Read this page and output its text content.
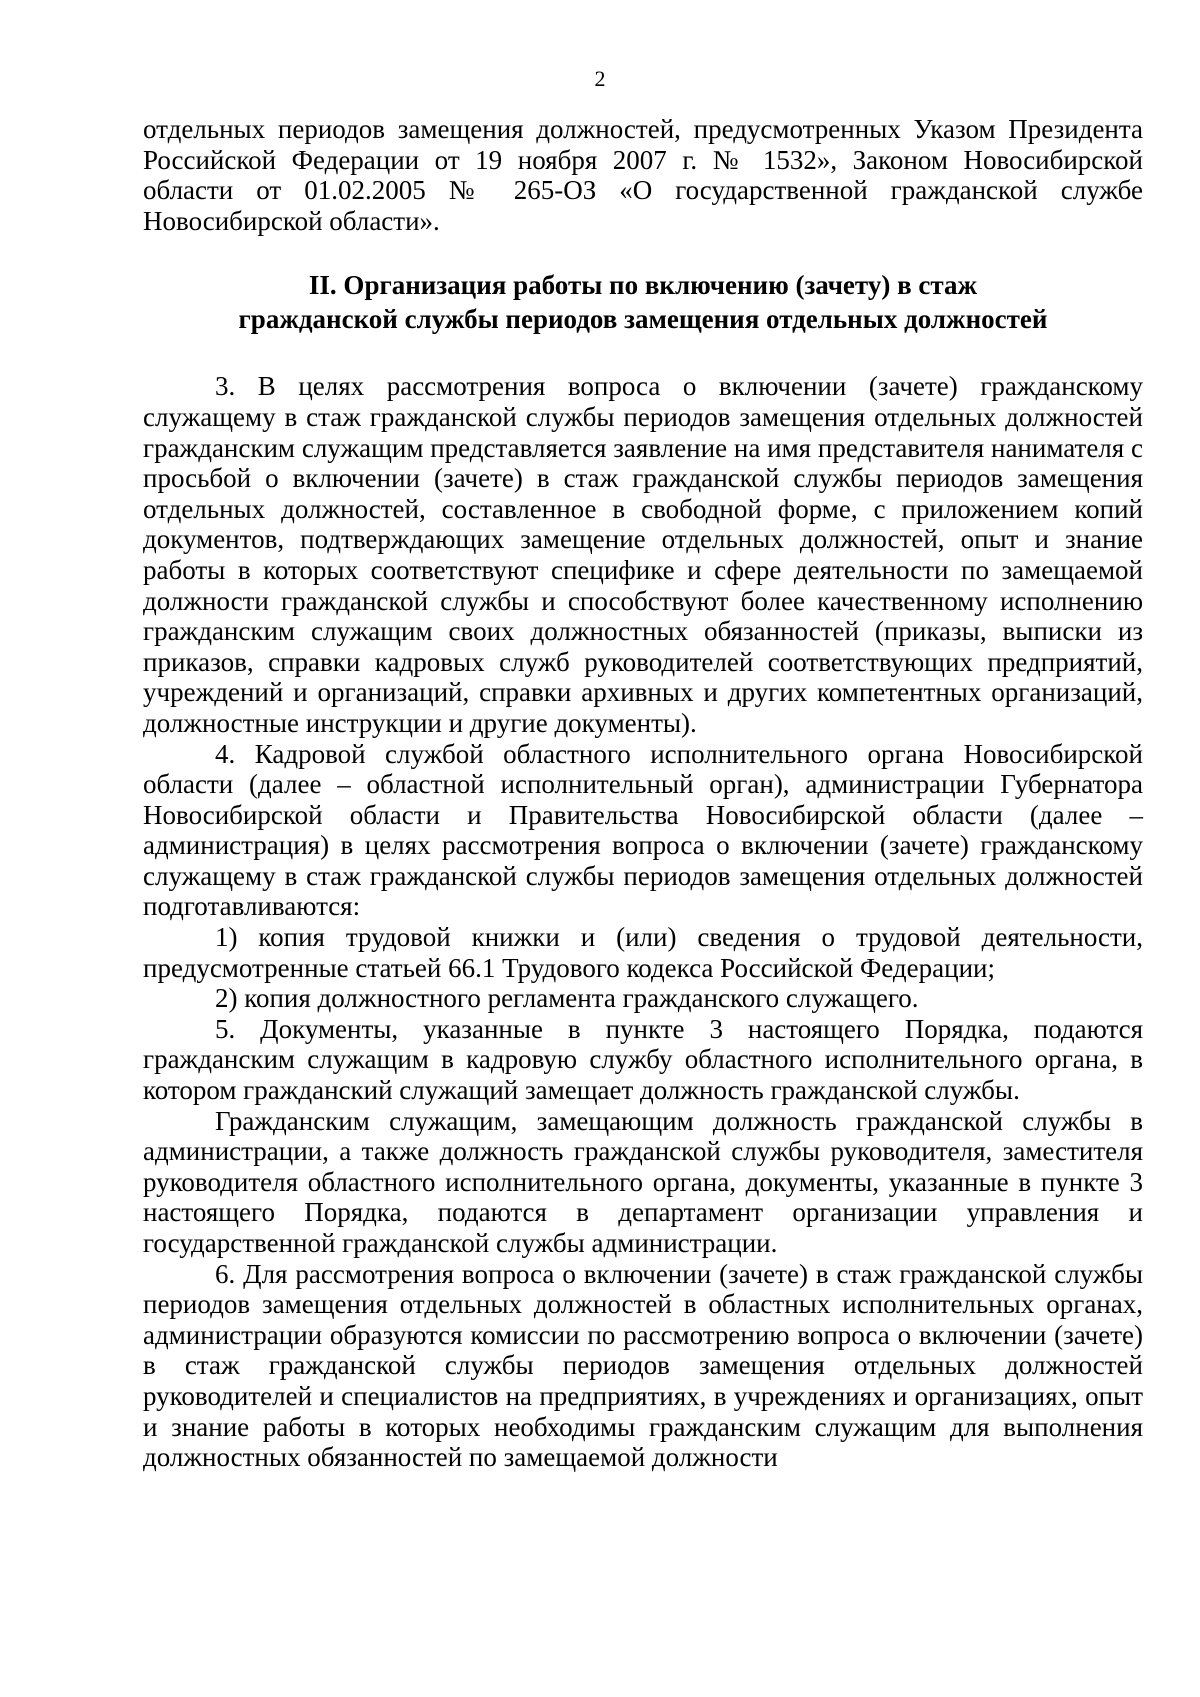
2

отдельных периодов замещения должностей, предусмотренных Указом Президента Российской Федерации от 19 ноября 2007 г. № 1532», Законом Новосибирской области от 01.02.2005 № 265-ОЗ «О государственной гражданской службе Новосибирской области».

II. Организация работы по включению (зачету) в стаж
гражданской службы периодов замещения отдельных должностей

3. В целях рассмотрения вопроса о включении (зачете) гражданскому служащему в стаж гражданской службы периодов замещения отдельных должностей гражданским служащим представляется заявление на имя представителя нанимателя с просьбой о включении (зачете) в стаж гражданской службы периодов замещения отдельных должностей, составленное в свободной форме, с приложением копий документов, подтверждающих замещение отдельных должностей, опыт и знание работы в которых соответствуют специфике и сфере деятельности по замещаемой должности гражданской службы и способствуют более качественному исполнению гражданским служащим своих должностных обязанностей (приказы, выписки из приказов, справки кадровых служб руководителей соответствующих предприятий, учреждений и организаций, справки архивных и других компетентных организаций, должностные инструкции и другие документы).

4. Кадровой службой областного исполнительного органа Новосибирской области (далее – областной исполнительный орган), администрации Губернатора Новосибирской области и Правительства Новосибирской области (далее – администрация) в целях рассмотрения вопроса о включении (зачете) гражданскому служащему в стаж гражданской службы периодов замещения отдельных должностей подготавливаются:

1) копия трудовой книжки и (или) сведения о трудовой деятельности, предусмотренные статьей 66.1 Трудового кодекса Российской Федерации;

2) копия должностного регламента гражданского служащего.

5. Документы, указанные в пункте 3 настоящего Порядка, подаются гражданским служащим в кадровую службу областного исполнительного органа, в котором гражданский служащий замещает должность гражданской службы.

Гражданским служащим, замещающим должность гражданской службы в администрации, а также должность гражданской службы руководителя, заместителя руководителя областного исполнительного органа, документы, указанные в пункте 3 настоящего Порядка, подаются в департамент организации управления и государственной гражданской службы администрации.

6. Для рассмотрения вопроса о включении (зачете) в стаж гражданской службы периодов замещения отдельных должностей в областных исполнительных органах, администрации образуются комиссии по рассмотрению вопроса о включении (зачете) в стаж гражданской службы периодов замещения отдельных должностей руководителей и специалистов на предприятиях, в учреждениях и организациях, опыт и знание работы в которых необходимы гражданским служащим для выполнения должностных обязанностей по замещаемой должности
